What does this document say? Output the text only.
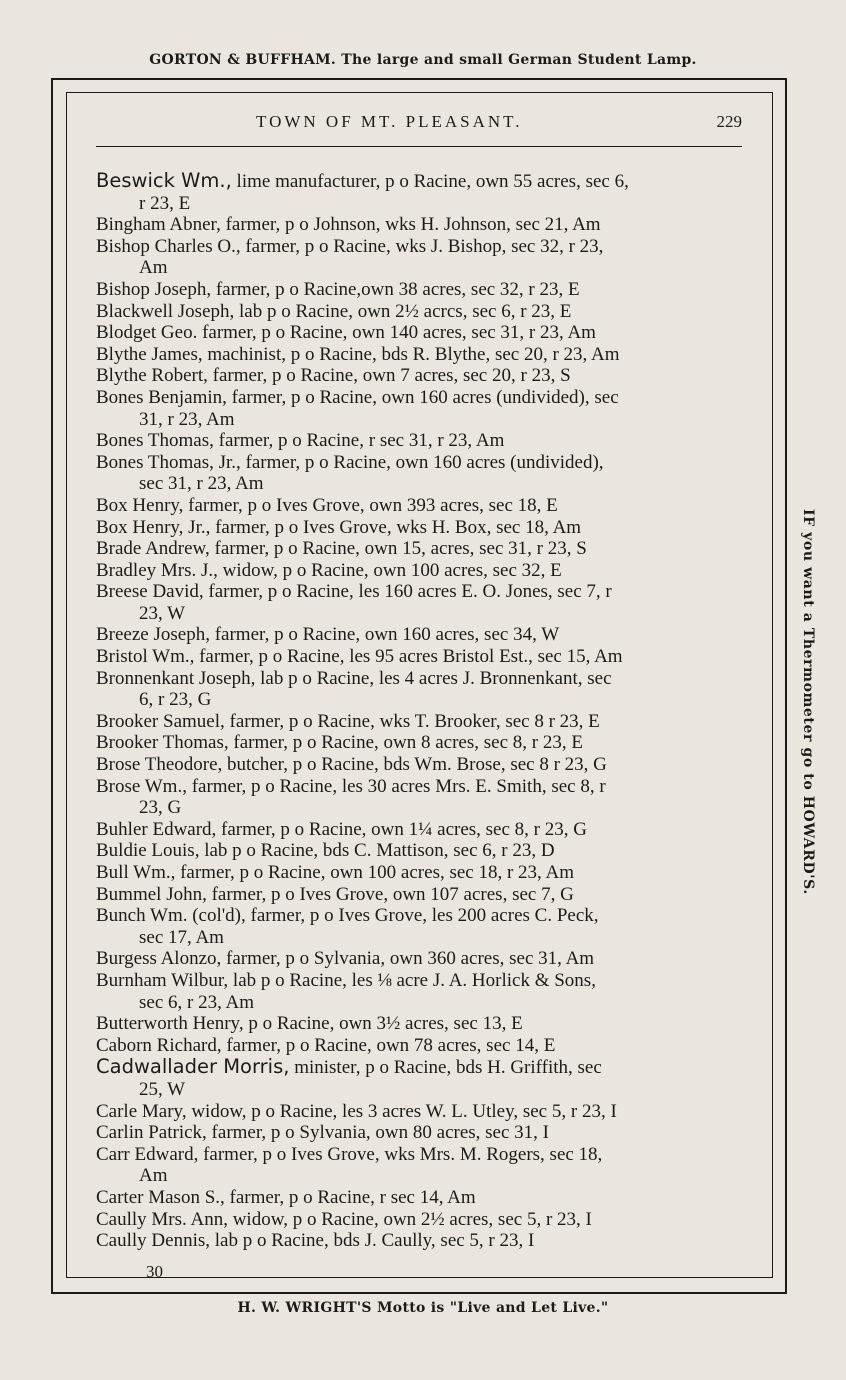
GORTON & BUFFHAM. The large and small German Student Lamp.
TOWN OF MT. PLEASANT.	229
Beswick Wm., lime manufacturer, p o Racine, own 55 acres, sec 6,
r 23, E
Bingham Abner, farmer, p o Johnson, wks H. Johnson, sec 21, Am
Bishop Charles O., farmer, p o Racine, wks J. Bishop, sec 32, r 23,
Am
Bishop Joseph, farmer, p o Racine,own 38 acres, sec 32, r 23, E
Blackwell Joseph, lab p o Racine, own 2½ acrcs, sec 6, r 23, E
Blodget Geo. farmer, p o Racine, own 140 acres, sec 31, r 23, Am
Blythe James, machinist, p o Racine, bds R. Blythe, sec 20, r 23, Am
Blythe Robert, farmer, p o Racine, own 7 acres, sec 20, r 23, S
Bones Benjamin, farmer, p o Racine, own 160 acres (undivided), sec
31, r 23, Am
Bones Thomas, farmer, p o Racine, r sec 31, r 23, Am
Bones Thomas, Jr., farmer, p o Racine, own 160 acres (undivided),
sec 31, r 23, Am
Box Henry, farmer, p o Ives Grove, own 393 acres, sec 18, E
Box Henry, Jr., farmer, p o Ives Grove, wks H. Box, sec 18, Am
Brade Andrew, farmer, p o Racine, own 15, acres, sec 31, r 23, S
Bradley Mrs. J., widow, p o Racine, own 100 acres, sec 32, E
Breese David, farmer, p o Racine, les 160 acres E. O. Jones, sec 7, r
23, W
Breeze Joseph, farmer, p o Racine, own 160 acres, sec 34, W
Bristol Wm., farmer, p o Racine, les 95 acres Bristol Est., sec 15, Am
Bronnenkant Joseph, lab p o Racine, les 4 acres J. Bronnenkant, sec
6, r 23, G
Brooker Samuel, farmer, p o Racine, wks T. Brooker, sec 8 r 23, E
Brooker Thomas, farmer, p o Racine, own 8 acres, sec 8, r 23, E
Brose Theodore, butcher, p o Racine, bds Wm. Brose, sec 8 r 23, G
Brose Wm., farmer, p o Racine, les 30 acres Mrs. E. Smith, sec 8, r
23, G
Buhler Edward, farmer, p o Racine, own 1¼ acres, sec 8, r 23, G
Buldie Louis, lab p o Racine, bds C. Mattison, sec 6, r 23, D
Bull Wm., farmer, p o Racine, own 100 acres, sec 18, r 23, Am
Bummel John, farmer, p o Ives Grove, own 107 acres, sec 7, G
Bunch Wm. (col'd), farmer, p o Ives Grove, les 200 acres C. Peck,
sec 17, Am
Burgess Alonzo, farmer, p o Sylvania, own 360 acres, sec 31, Am
Burnham Wilbur, lab p o Racine, les ⅛ acre J. A. Horlick & Sons,
sec 6, r 23, Am
Butterworth Henry, p o Racine, own 3½ acres, sec 13, E
Caborn Richard, farmer, p o Racine, own 78 acres, sec 14, E
Cadwallader Morris, minister, p o Racine, bds H. Griffith, sec
25, W
Carle Mary, widow, p o Racine, les 3 acres W. L. Utley, sec 5, r 23, I
Carlin Patrick, farmer, p o Sylvania, own 80 acres, sec 31, I
Carr Edward, farmer, p o Ives Grove, wks Mrs. M. Rogers, sec 18,
Am
Carter Mason S., farmer, p o Racine, r sec 14, Am
Caully Mrs. Ann, widow, p o Racine, own 2½ acres, sec 5, r 23, I
Caully Dennis, lab p o Racine, bds J. Caully, sec 5, r 23, I
30
IF you want a Thermometer go to HOWARD'S.
H. W. WRIGHT'S Motto is "Live and Let Live."
